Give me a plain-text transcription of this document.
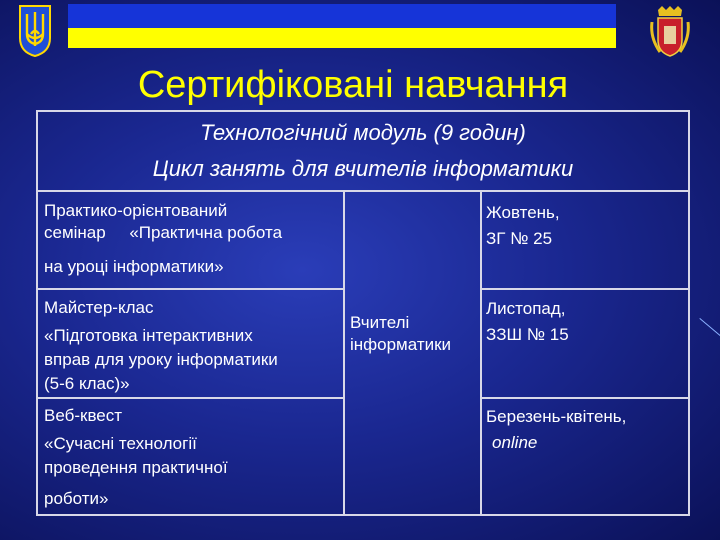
Сертифіковані навчання
Технологічний модуль (9 годин)
Цикл занять для вчителів інформатики
Практико-орієнтований
семінар     «Практична робота
на уроці інформатики»
Майстер-клас
«Підготовка інтерактивних
вправ для уроку інформатики
(5-6 клас)»
Веб-квест
«Сучасні технології
проведення практичної
роботи»
Вчителі
інформатики
Жовтень,
ЗГ № 25
Листопад,
ЗЗШ № 15
Березень-квітень,
online
